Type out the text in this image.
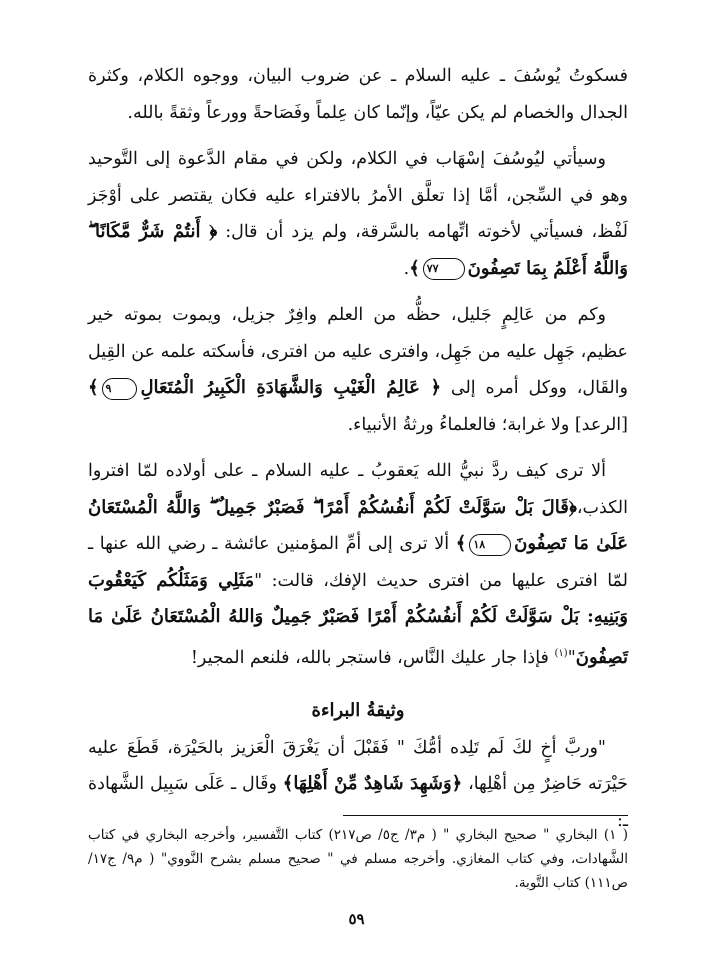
فسكوتُ يُوسُفَ ـ عليه السلام ـ عن ضروب البيان، ووجوه الكلام، وكثرة الجدال والخصام لم يكن عيّاً، وإنّما كان عِلماً وفَصَاحةً وورعاً وثقةً بالله.

وسيأتي ليُوسُفَ إسْهَاب في الكلام، ولكن في مقام الدَّعوة إلى التَّوحيد وهو في السِّجن، أمَّا إذا تعلَّق الأمرُ بالافتراء عليه فكان يقتصر على أوْجَز لَفْظ، فسيأتي لأخوته اتِّهامه بالسَّرقة، ولم يزد أن قال: ﴿ أَنتُمْ شَرٌّ مَّكَانًا ۖ وَاللَّهُ أَعْلَمُ بِمَا تَصِفُونَ٧٧﴾.

وكم من عَالِمٍ جَليل، حظُّه من العلم وافِرٌ جزيل، ويموت بموته خير عظيم، جَهِل عليه من جَهِل، وافترى عليه من افترى، فأسكته علمه عن القِيل والقَال، ووكل أمره إلى ﴿ عَالِمُ الْغَيْبِ وَالشَّهَادَةِ الْكَبِيرُ الْمُتَعَالِ٩﴾ [الرعد] ولا غرابة؛ فالعلماءُ ورثةُ الأنبياء.

ألا ترى كيف ردَّ نبيُّ الله يَعقوبُ ـ عليه السلام ـ على أولاده لمّا افتروا الكذب،﴿قَالَ بَلْ سَوَّلَتْ لَكُمْ أَنفُسُكُمْ أَمْرًا ۖ فَصَبْرٌ جَمِيلٌ ۖ وَاللَّهُ الْمُسْتَعَانُ عَلَىٰ مَا تَصِفُونَ١٨﴾ ألا ترى إلى أمِّ المؤمنين عائشة ـ رضي الله عنها ـ لمّا افترى عليها من افترى حديث الإفك، قالت: "مَثَلِي وَمَثَلُكُم كَيَعْقُوبَ وَبَنِيهِ: بَلْ سَوَّلَتْ لَكُمْ أَنفُسُكُمْ أَمْرًا فَصَبْرٌ جَمِيلٌ وَاللهُ الْمُسْتَعَانُ عَلَىٰ مَا تَصِفُونَ"$^{(١)}$ فإذا جار عليك النَّاس، فاستجر بالله، فلنعم المجير!

وثيقةُ البراءة

"وربَّ أخٍ لكَ لَم تَلِده أمُّكَ " فَقَبْلَ أن يَغْرَقَ الْعَزيز بالحَيْرَة، قَطَعَ عليه حَيْرَته حَاضِرٌ مِن أهْلِها، ﴿وَشَهِدَ شَاهِدٌ مِّنْ أَهْلِهَا﴾ وقَال ـ عَلَى سَبِيل الشَّهادة ـ:

( ١) البخاري " صحيح البخاري " ( م٣/ ج٥/ ص٢١٧) كتاب التَّفسير، وأخرجه البخاري في كتاب الشَّهادات، وفي كتاب المغازي. وأخرجه مسلم في " صحيح مسلم بشرح النَّووي" ( م٩/ ج١٧/ ص١١١) كتاب التَّوبة.
٥٩
